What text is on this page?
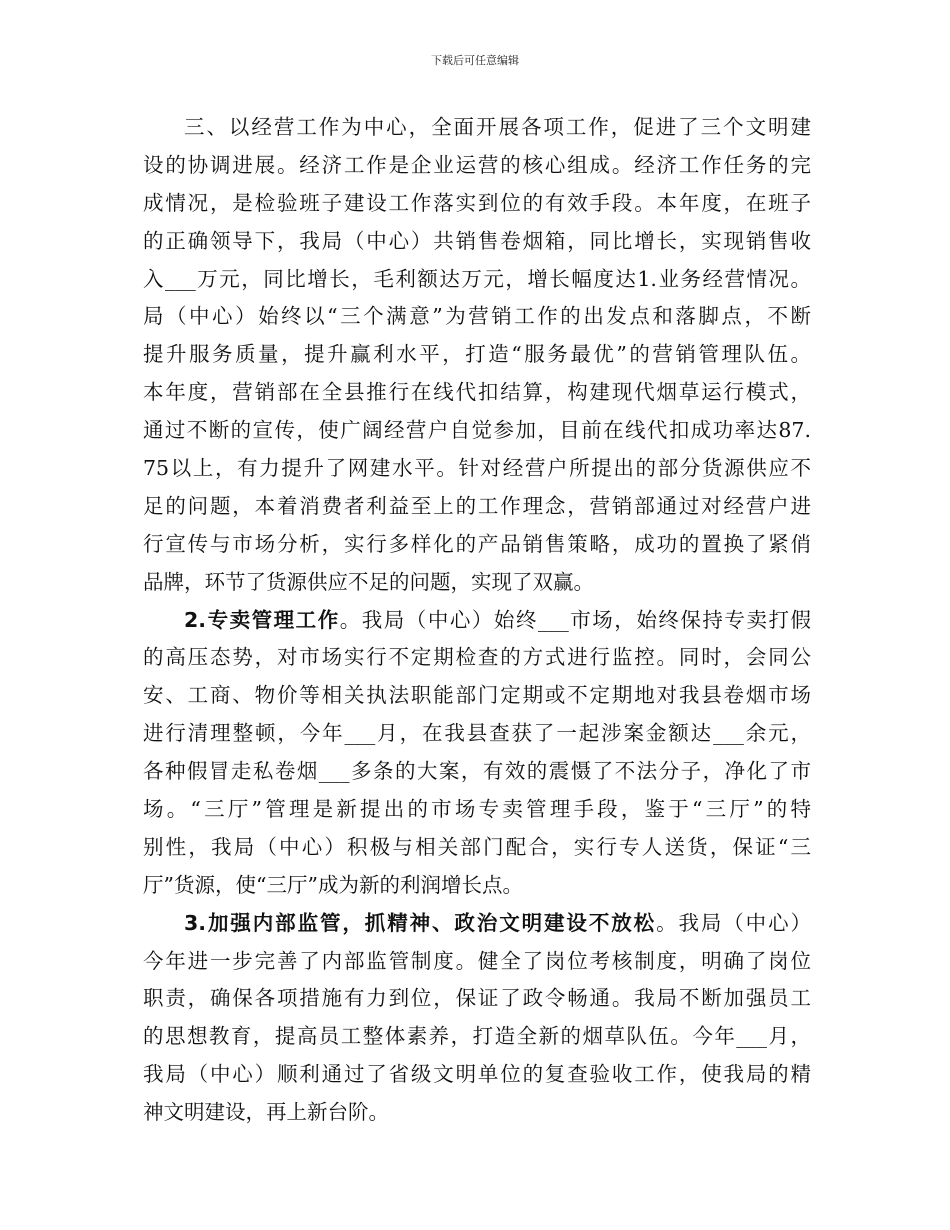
下载后可任意编辑
三、以经营工作为中心，全面开展各项工作，促进了三个文明建
设的协调进展。经济工作是企业运营的核心组成。经济工作任务的完
成情况，是检验班子建设工作落实到位的有效手段。本年度，在班子
的正确领导下，我局（中心）共销售卷烟箱，同比增长，实现销售收
入___万元，同比增长，毛利额达万元，增长幅度达1.业务经营情况。
局（中心）始终以“三个满意”为营销工作的出发点和落脚点，不断
提升服务质量，提升赢利水平，打造“服务最优”的营销管理队伍。
本年度，营销部在全县推行在线代扣结算，构建现代烟草运行模式，
通过不断的宣传，使广阔经营户自觉参加，目前在线代扣成功率达87.
75以上，有力提升了网建水平。针对经营户所提出的部分货源供应不
足的问题，本着消费者利益至上的工作理念，营销部通过对经营户进
行宣传与市场分析，实行多样化的产品销售策略，成功的置换了紧俏
品牌，环节了货源供应不足的问题，实现了双赢。
2.专卖管理工作。我局（中心）始终___市场，始终保持专卖打假
的高压态势，对市场实行不定期检查的方式进行监控。同时，会同公
安、工商、物价等相关执法职能部门定期或不定期地对我县卷烟市场
进行清理整顿，今年___月，在我县查获了一起涉案金额达___余元，
各种假冒走私卷烟___多条的大案，有效的震慑了不法分子，净化了市
场。“三厅”管理是新提出的市场专卖管理手段，鉴于“三厅”的特
别性，我局（中心）积极与相关部门配合，实行专人送货，保证“三
厅”货源，使“三厅”成为新的利润增长点。
3.加强内部监管，抓精神、政治文明建设不放松。我局（中心）
今年进一步完善了内部监管制度。健全了岗位考核制度，明确了岗位
职责，确保各项措施有力到位，保证了政令畅通。我局不断加强员工
的思想教育，提高员工整体素养，打造全新的烟草队伍。今年___月，
我局（中心）顺利通过了省级文明单位的复查验收工作，使我局的精
神文明建设，再上新台阶。
